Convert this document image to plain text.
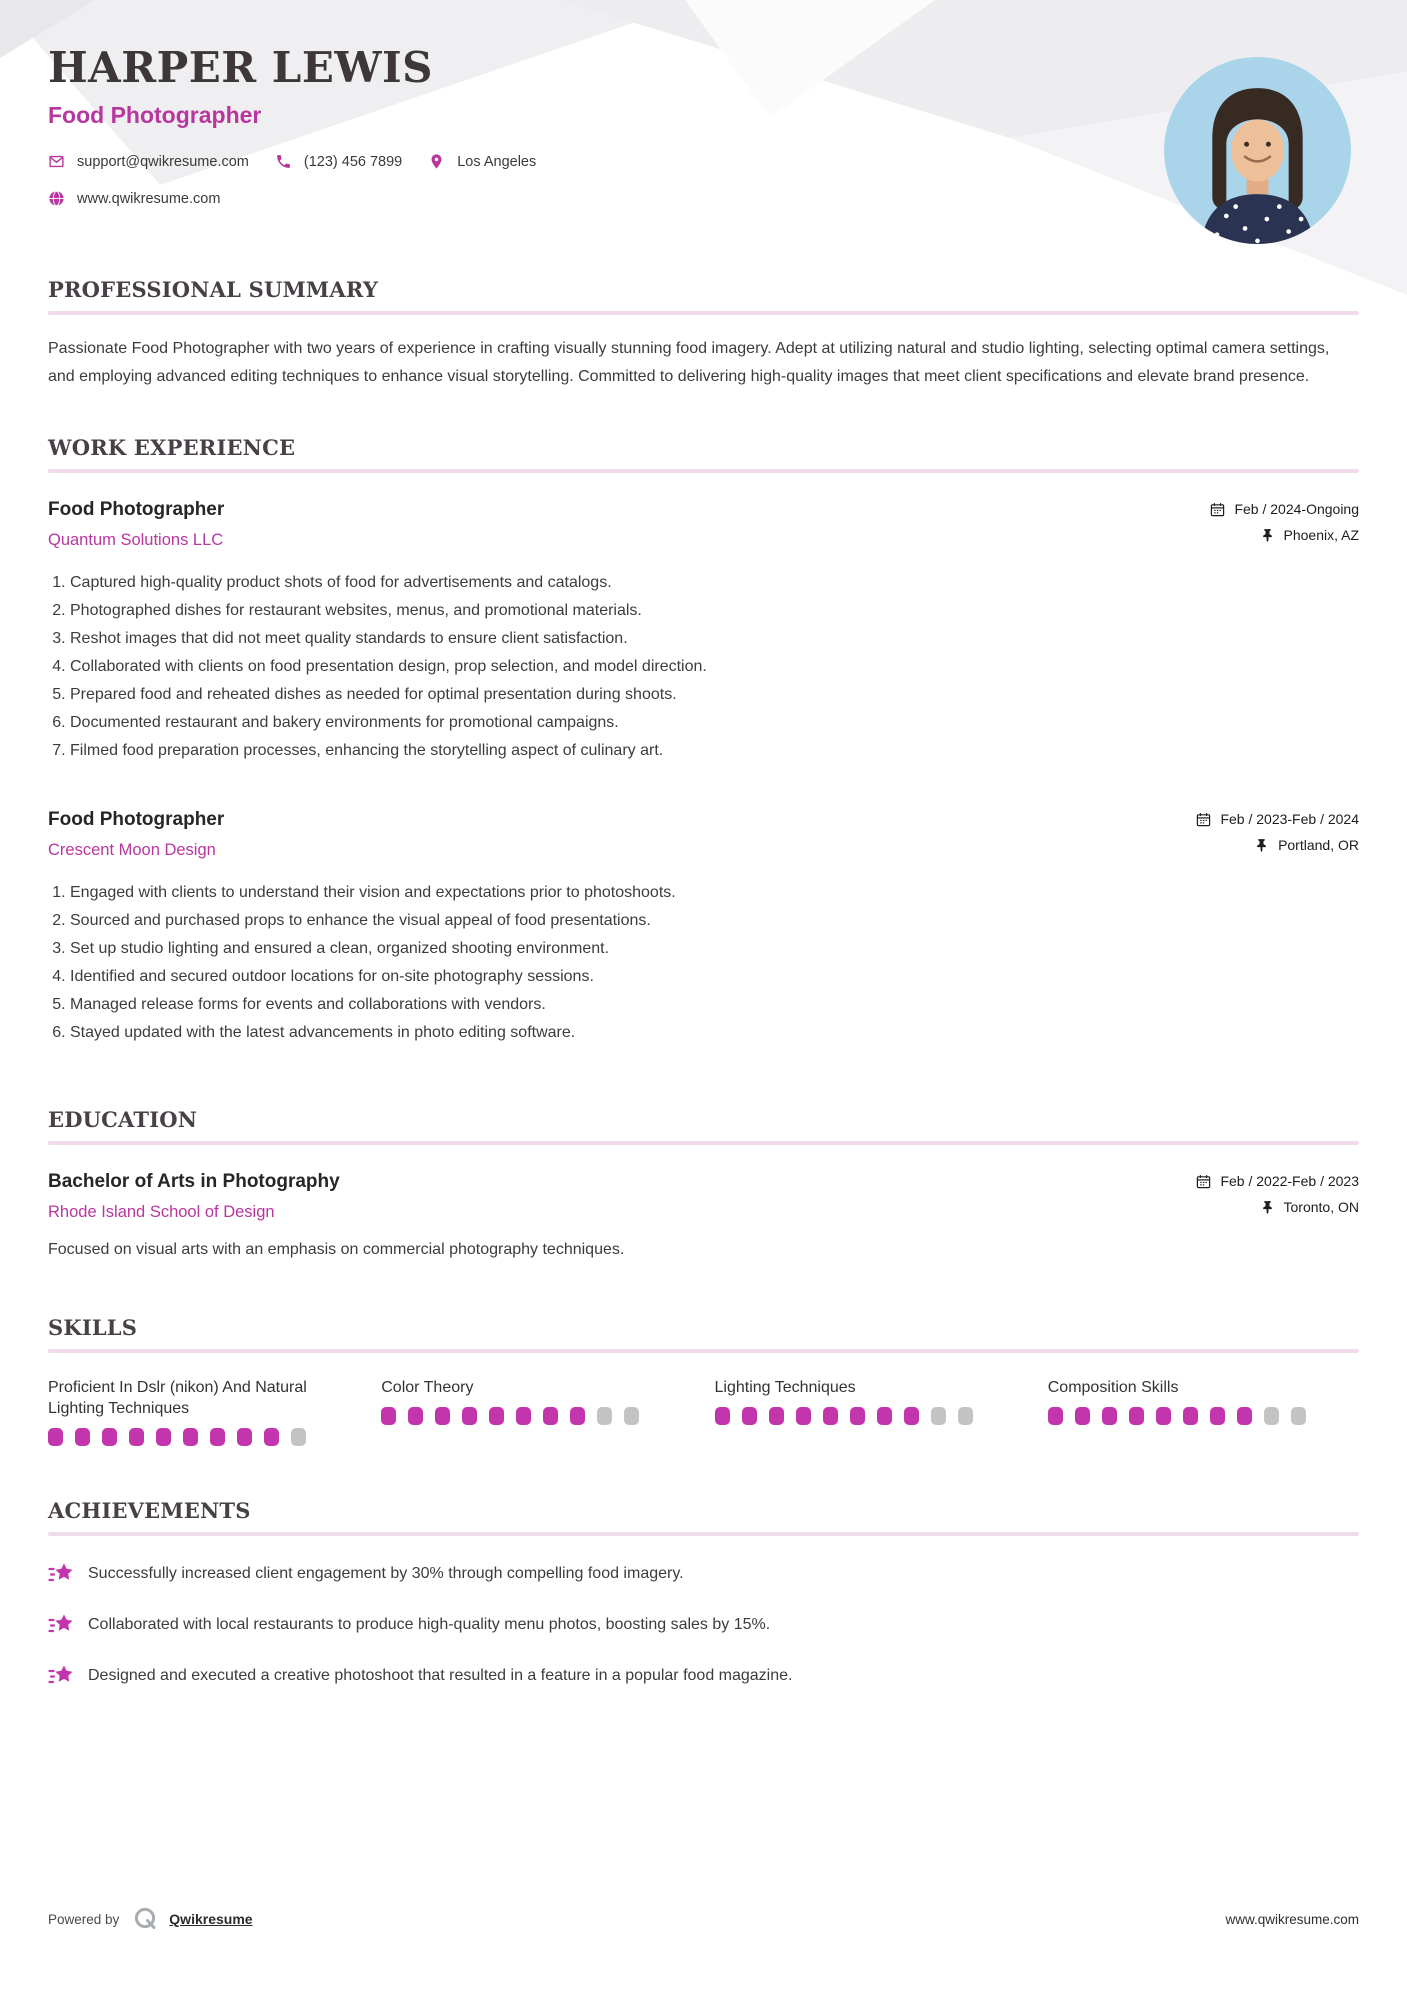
HARPER LEWIS
Food Photographer
support@qwikresume.com	(123) 456 7899	Los Angeles
www.qwikresume.com
PROFESSIONAL SUMMARY

Passionate Food Photographer with two years of experience in crafting visually stunning food imagery. Adept at utilizing natural and studio lighting, selecting optimal camera settings, and employing advanced editing techniques to enhance visual storytelling. Committed to delivering high-quality images that meet client specifications and elevate brand presence.

WORK EXPERIENCE
Food Photographer
Quantum Solutions LLC
Feb / 2024-Ongoing
Phoenix, AZ
1. Captured high-quality product shots of food for advertisements and catalogs.
2. Photographed dishes for restaurant websites, menus, and promotional materials.
3. Reshot images that did not meet quality standards to ensure client satisfaction.
4. Collaborated with clients on food presentation design, prop selection, and model direction.
5. Prepared food and reheated dishes as needed for optimal presentation during shoots.
6. Documented restaurant and bakery environments for promotional campaigns.
7. Filmed food preparation processes, enhancing the storytelling aspect of culinary art.
Food Photographer
Crescent Moon Design
Feb / 2023-Feb / 2024
Portland, OR
1. Engaged with clients to understand their vision and expectations prior to photoshoots.
2. Sourced and purchased props to enhance the visual appeal of food presentations.
3. Set up studio lighting and ensured a clean, organized shooting environment.
4. Identified and secured outdoor locations for on-site photography sessions.
5. Managed release forms for events and collaborations with vendors.
6. Stayed updated with the latest advancements in photo editing software.
EDUCATION
Bachelor of Arts in Photography
Rhode Island School of Design
Feb / 2022-Feb / 2023
Toronto, ON

Focused on visual arts with an emphasis on commercial photography techniques.

SKILLS
Proficient In Dslr (nikon) And Natural Lighting Techniques
Color Theory	Lighting Techniques	Composition Skills
ACHIEVEMENTS
Successfully increased client engagement by 30% through compelling food imagery.
Collaborated with local restaurants to produce high-quality menu photos, boosting sales by 15%.
Designed and executed a creative photoshoot that resulted in a feature in a popular food magazine.
Powered by	Qwikresume	www.qwikresume.com
